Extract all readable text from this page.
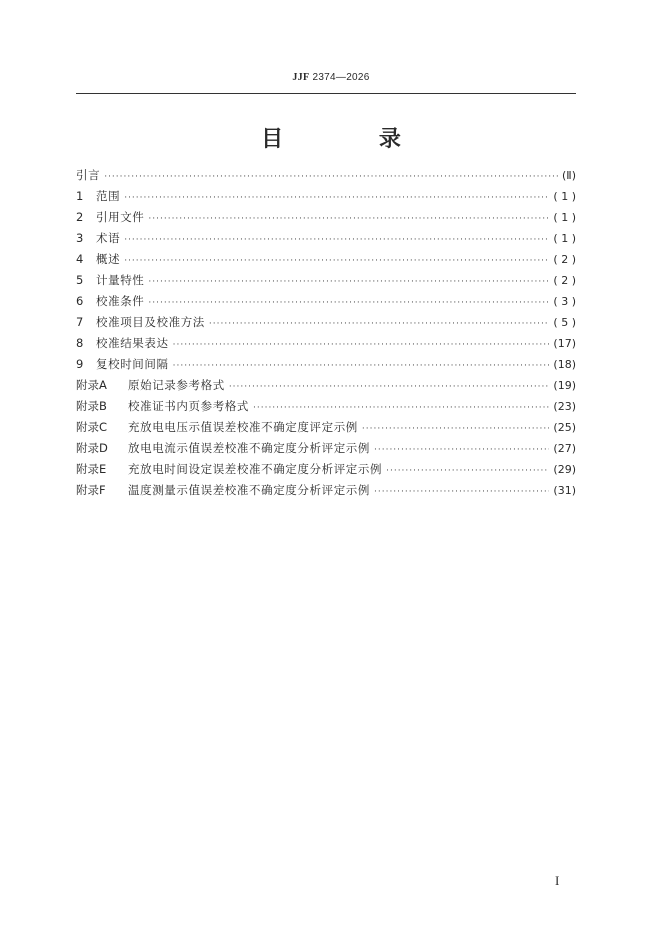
JJF 2374—2026
目 录
引言 ·····	(Ⅱ)
1	范围 ·····	( 1 )
2	引用文件 ·····	( 1 )
3	术语 ·····	( 1 )
4	概述 ·····	( 2 )
5	计量特性 ·····	( 2 )
6	校准条件 ·····	( 3 )
7	校准项目及校准方法 ·····	( 5 )
8	校准结果表达 ·····	(17)
9	复校时间间隔 ·····	(18)
附录A	原始记录参考格式 ·····	(19)
附录B	校准证书内页参考格式 ·····	(23)
附录C	充放电电压示值误差校准不确定度评定示例 ·····	(25)
附录D	放电电流示值误差校准不确定度分析评定示例 ·····	(27)
附录E	充放电时间设定误差校准不确定度分析评定示例 ·····	(29)
附录F	温度测量示值误差校准不确定度分析评定示例 ·····	(31)
I
